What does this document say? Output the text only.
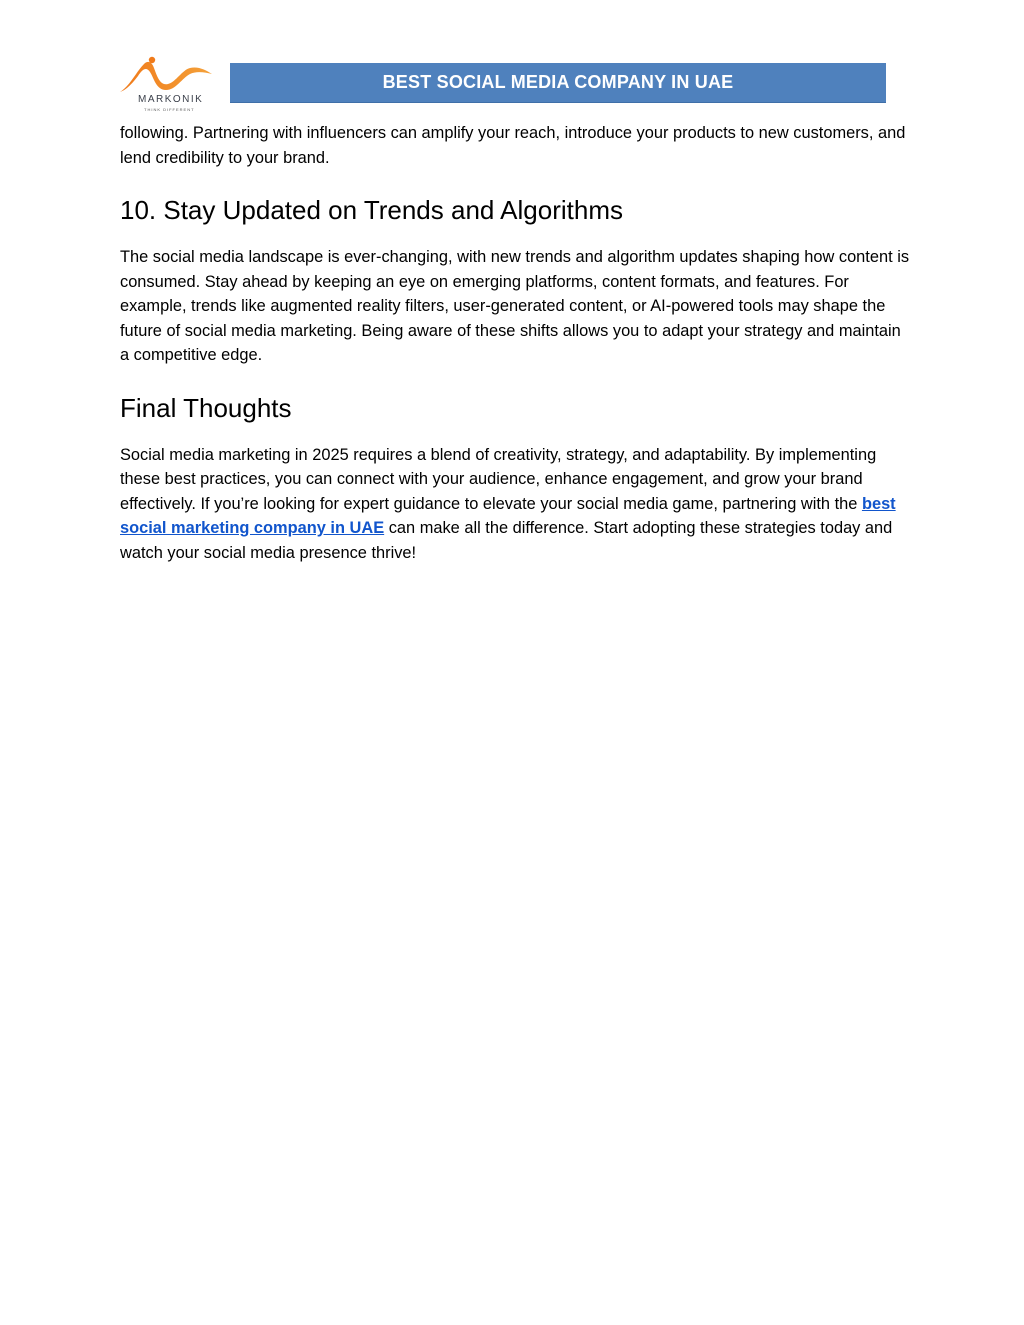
MARKONIK
THINK DIFFERENT
BEST SOCIAL MEDIA COMPANY IN UAE

following. Partnering with influencers can amplify your reach, introduce your products to new customers, and lend credibility to your brand.

10. Stay Updated on Trends and Algorithms

The social media landscape is ever-changing, with new trends and algorithm updates shaping how content is consumed. Stay ahead by keeping an eye on emerging platforms, content formats, and features. For example, trends like augmented reality filters, user-generated content, or AI-powered tools may shape the future of social media marketing. Being aware of these shifts allows you to adapt your strategy and maintain a competitive edge.

Final Thoughts

Social media marketing in 2025 requires a blend of creativity, strategy, and adaptability. By implementing these best practices, you can connect with your audience, enhance engagement, and grow your brand effectively. If you’re looking for expert guidance to elevate your social media game, partnering with the best social marketing company in UAE can make all the difference. Start adopting these strategies today and watch your social media presence thrive!
